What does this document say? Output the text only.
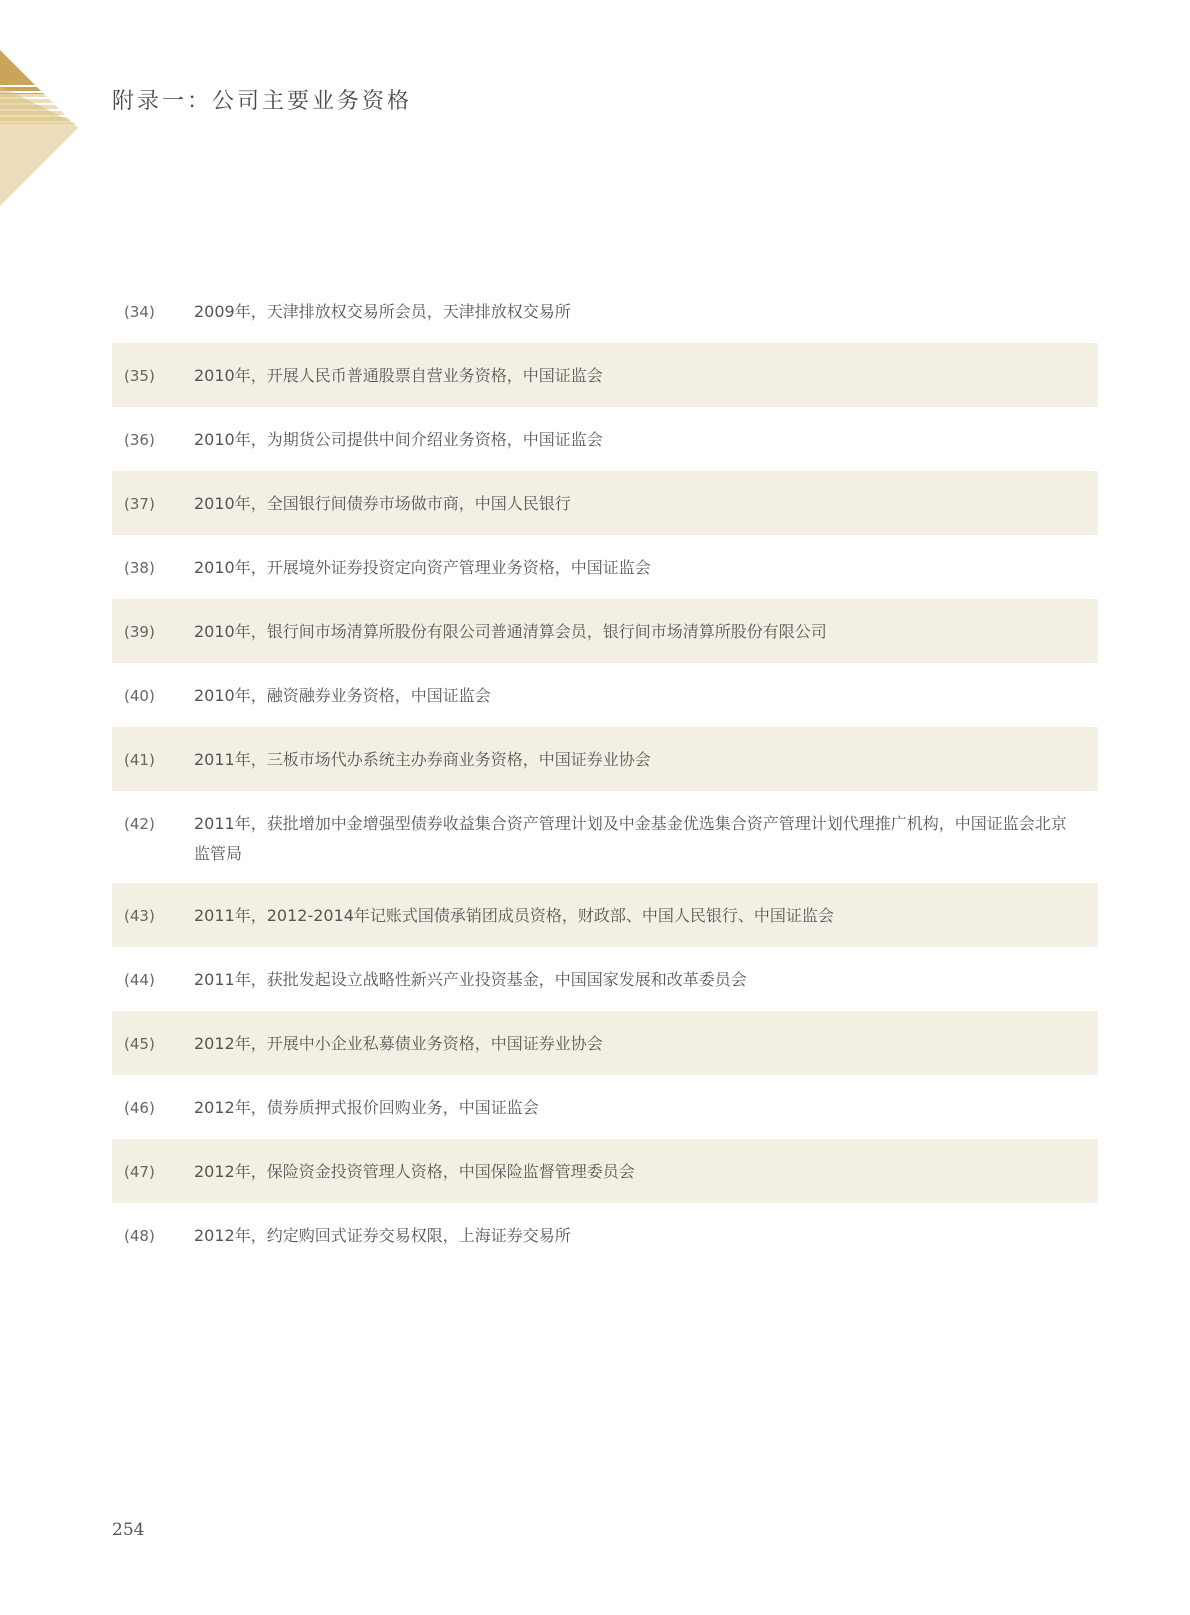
附录一：公司主要业务资格
(34)	2009年，天津排放权交易所会员，天津排放权交易所
(35)	2010年，开展人民币普通股票自营业务资格，中国证监会
(36)	2010年，为期货公司提供中间介绍业务资格，中国证监会
(37)	2010年，全国银行间债券市场做市商，中国人民银行
(38)	2010年，开展境外证券投资定向资产管理业务资格，中国证监会
(39)	2010年，银行间市场清算所股份有限公司普通清算会员，银行间市场清算所股份有限公司
(40)	2010年，融资融券业务资格，中国证监会
(41)	2011年，三板市场代办系统主办券商业务资格，中国证券业协会
(42)	2011年，获批增加中金增强型债券收益集合资产管理计划及中金基金优选集合资产管理计划代理推广机构，中国证监会北京监管局
(43)	2011年，2012-2014年记账式国债承销团成员资格，财政部、中国人民银行、中国证监会
(44)	2011年，获批发起设立战略性新兴产业投资基金，中国国家发展和改革委员会
(45)	2012年，开展中小企业私募债业务资格，中国证券业协会
(46)	2012年，债券质押式报价回购业务，中国证监会
(47)	2012年，保险资金投资管理人资格，中国保险监督管理委员会
(48)	2012年，约定购回式证券交易权限，上海证券交易所
254
